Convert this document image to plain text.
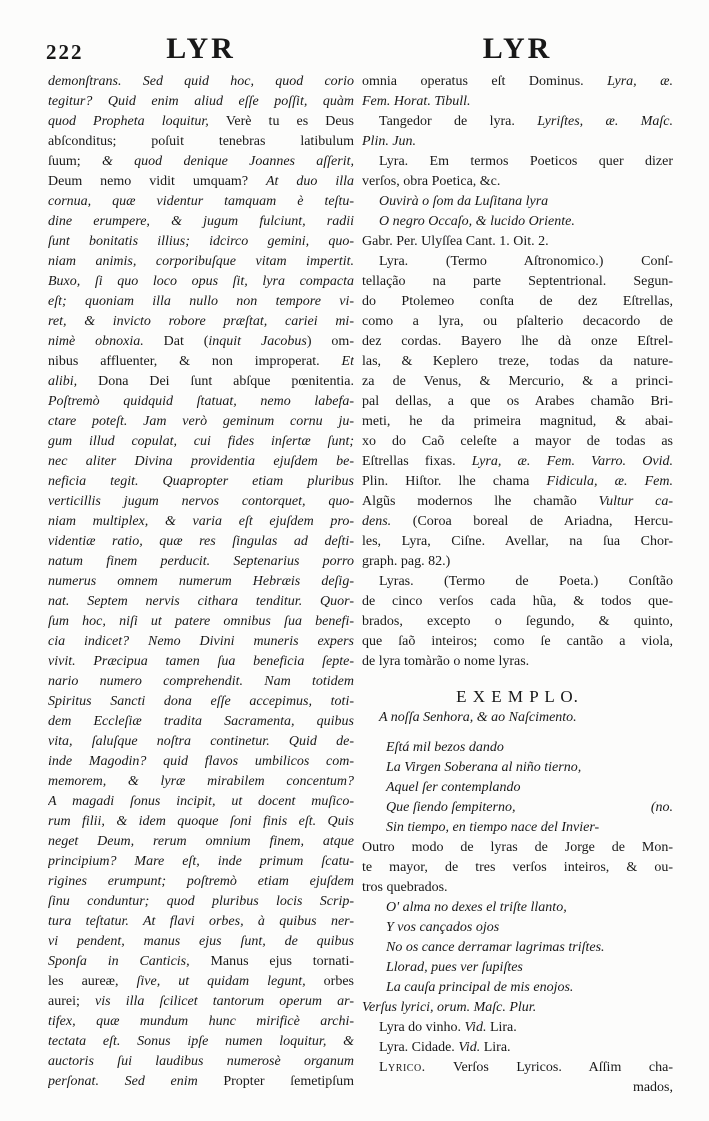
222	LYR	LYR
demonſtrans. Sed quid hoc, quod corio
tegitur? Quid enim aliud eſſe poſſit, quàm
quod Propheta loquitur, Verè tu es Deus
abſconditus; poſuit tenebras latibulum
ſuum; & quod denique Joannes aſſerit,
Deum nemo vidit umquam? At duo illa
cornua, quæ videntur tamquam è teſtu-
dine erumpere, & jugum fulciunt, radii
ſunt bonitatis illius; idcirco gemini, quo-
niam animis, corporibuſque vitam impertit.
Buxo, ſi quo loco opus ſit, lyra compacta
eſt; quoniam illa nullo non tempore vi-
ret, & invicto robore præſtat, cariei mi-
nimè obnoxia. Dat (inquit Jacobus) om-
nibus affluenter, & non improperat. Et
alibi, Dona Dei ſunt abſque pœnitentia.
Poſtremò quidquid ſtatuat, nemo labefa-
ctare poteſt. Jam verò geminum cornu ju-
gum illud copulat, cui fides inſertæ ſunt;
nec aliter Divina providentia ejuſdem be-
neficia tegit. Quapropter etiam pluribus
verticillis jugum nervos contorquet, quo-
niam multiplex, & varia eſt ejuſdem pro-
videntiæ ratio, quæ res ſingulas ad deſti-
natum finem perducit. Septenarius porro
numerus omnem numerum Hebræis deſig-
nat. Septem nervis cithara tenditur. Quor-
ſum hoc, niſi ut patere omnibus ſua benefi-
cia indicet? Nemo Divini muneris expers
vivit. Præcipua tamen ſua beneficia ſepte-
nario numero comprehendit. Nam totidem
Spiritus Sancti dona eſſe accepimus, toti-
dem Eccleſiæ tradita Sacramenta, quibus
vita, ſaluſque noſtra continetur. Quid de-
inde Magodin? quid flavos umbilicos com-
memorem, & lyræ mirabilem concentum?
A magadi ſonus incipit, ut docent muſico-
rum filii, & idem quoque ſoni finis eſt. Quis
neget Deum, rerum omnium finem, atque
principium? Mare eſt, inde primum ſcatu-
rigines erumpunt; poſtremò etiam ejuſdem
ſinu conduntur; quod pluribus locis Scrip-
tura teſtatur. At flavi orbes, à quibus ner-
vi pendent, manus ejus ſunt, de quibus
Sponſa in Canticis, Manus ejus tornati-
les aureæ, ſive, ut quidam legunt, orbes
aurei; vis illa ſcilicet tantorum operum ar-
tifex, quæ mundum hunc mirificè archi-
tectata eſt. Sonus ipſe numen loquitur, &
auctoris ſui laudibus numerosè organum
perſonat. Sed enim Propter ſemetipſum
omnia operatus eſt Dominus. Lyra, æ.
Fem. Horat. Tibull.
Tangedor de lyra. Lyriſtes, æ. Maſc.
Plin. Jun.
Lyra. Em termos Poeticos quer dizer
verſos, obra Poetica, &c.
Ouvirà o ſom da Luſitana lyra
O negro Occaſo, & lucido Oriente.
Gabr. Per. Ulyſſea Cant. 1. Oit. 2.
Lyra. (Termo Aſtronomico.) Conſ-
tellação na parte Septentrional. Segun-
do Ptolemeo conſta de dez Eſtrellas,
como a lyra, ou pſalterio decacordo de
dez cordas. Bayero lhe dà onze Eſtrel-
las, & Keplero treze, todas da nature-
za de Venus, & Mercurio, & a princi-
pal dellas, a que os Arabes chamão Bri-
meti, he da primeira magnitud, & abai-
xo do Caõ celeſte a mayor de todas as
Eſtrellas fixas. Lyra, æ. Fem. Varro. Ovid.
Plin. Hiſtor. lhe chama Fidicula, æ. Fem.
Algũs modernos lhe chamão Vultur ca-
dens. (Coroa boreal de Ariadna, Hercu-
les, Lyra, Ciſne. Avellar, na ſua Chor-
graph. pag. 82.)
Lyras. (Termo de Poeta.) Conſtão
de cinco verſos cada hũa, & todos que-
brados, excepto o ſegundo, & quinto,
que ſaõ inteiros; como ſe cantão a viola,
de lyra tomàrão o nome lyras.
E X E M P L O.
A noſſa Senhora, & ao Naſcimento.
Eſtá mil bezos dando
La Virgen Soberana al niño tierno,
Aquel ſer contemplando
Que ſiendo ſempiterno,	(no.
Sin tiempo, en tiempo nace del Invier-
Outro modo de lyras de Jorge de Mon-
te mayor, de tres verſos inteiros, & ou-
tros quebrados.
O' alma no dexes el triſte llanto,
Y vos cançados ojos
No os cance derramar lagrimas triſtes.
Llorad, pues ver ſupiſtes
La cauſa principal de mis enojos.
Verſus lyrici, orum. Maſc. Plur.
Lyra do vinho. Vid. Lira.
Lyra. Cidade. Vid. Lira.
Lyrico. Verſos Lyricos. Aſſim cha-
mados,
